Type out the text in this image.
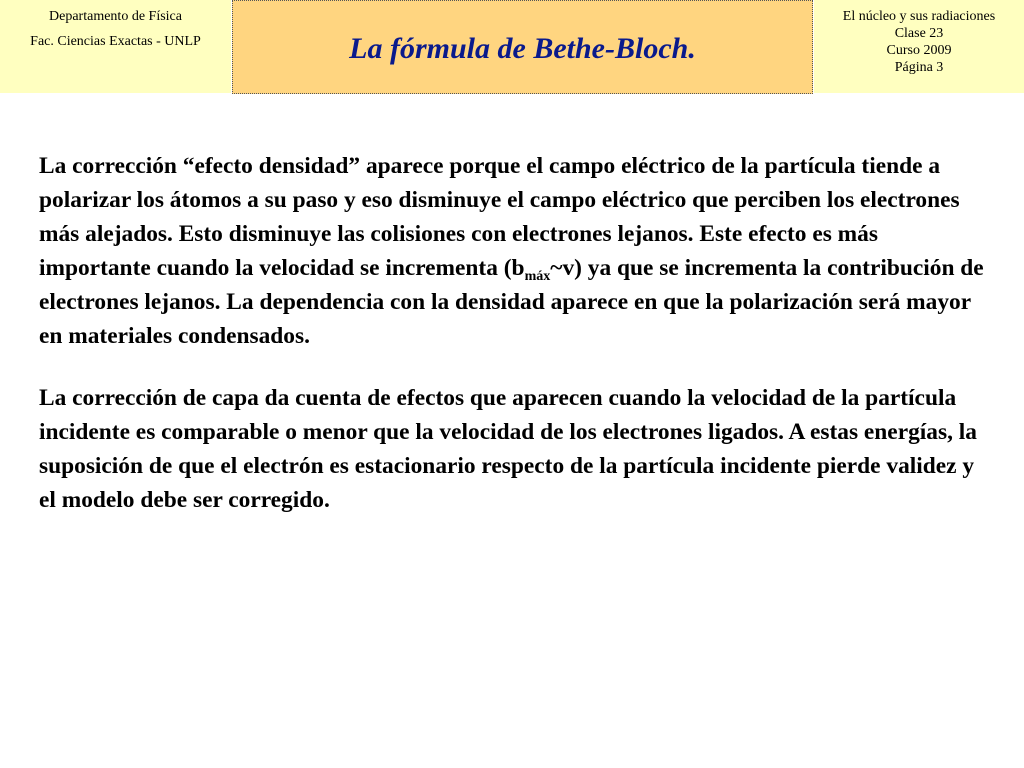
Departamento de Física
Fac. Ciencias Exactas - UNLP	La fórmula de Bethe-Bloch.
El núcleo y sus radiaciones
Clase 23
Curso 2009
Página 3

La corrección “efecto densidad” aparece porque el campo eléctrico de la partícula tiende a polarizar los átomos a su paso y eso disminuye el campo eléctrico que perciben los electrones más alejados. Esto disminuye las colisiones con electrones lejanos. Este efecto es más importante cuando la velocidad se incrementa $(b_{máx}\sim v)$ ya que se incrementa la contribución de electrones lejanos. La dependencia con la densidad aparece en que la polarización será mayor en materiales condensados.

La corrección de capa da cuenta de efectos que aparecen cuando la velocidad de la partícula incidente es comparable o menor que la velocidad de los electrones ligados. A estas energías, la suposición de que el electrón es estacionario respecto de la partícula incidente pierde validez y el modelo debe ser corregido.
